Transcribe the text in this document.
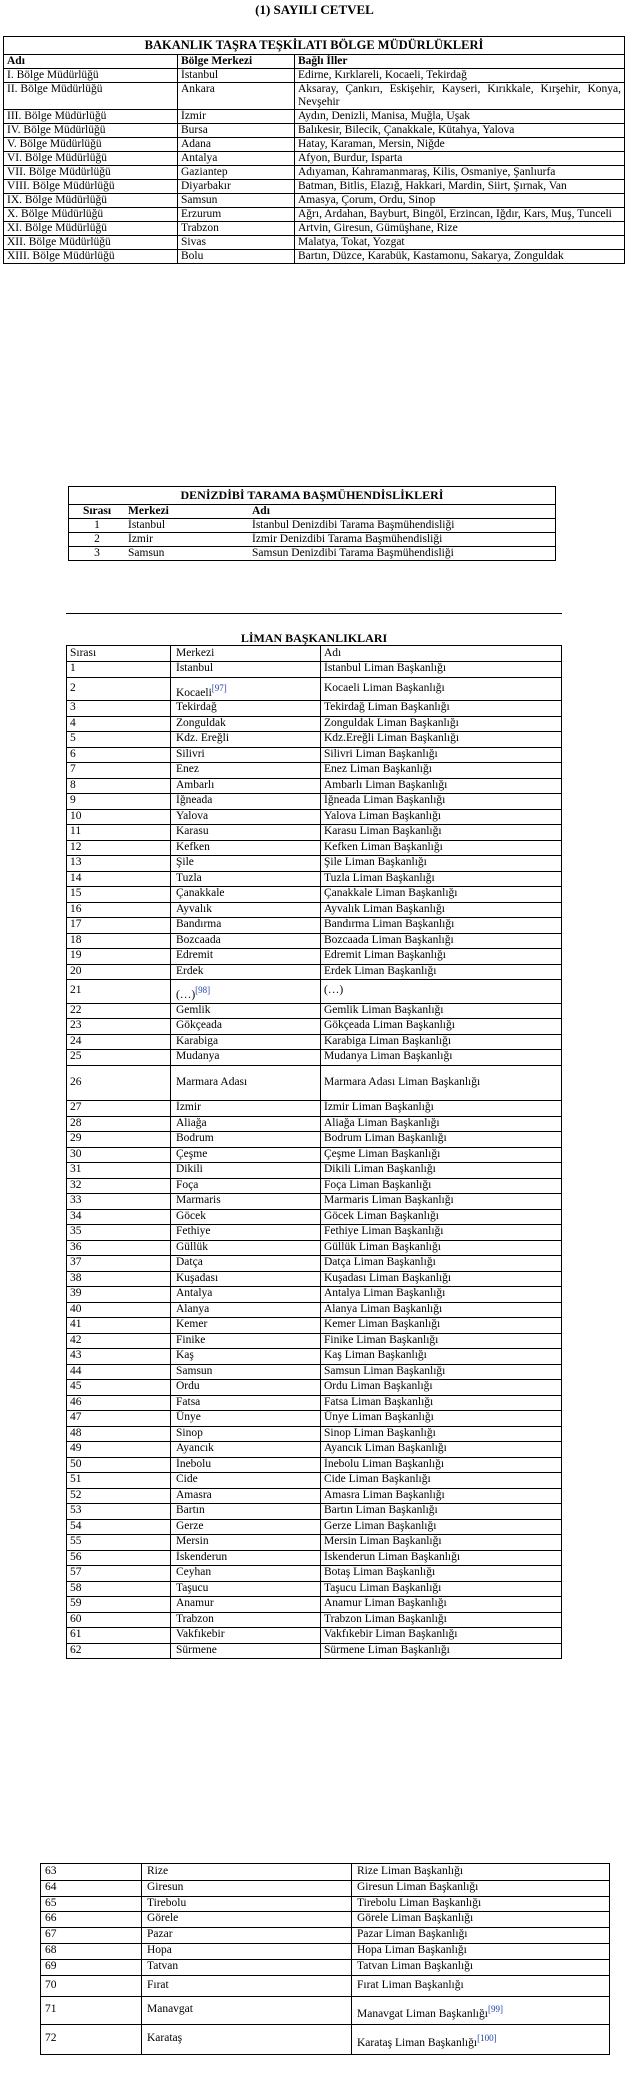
(1) SAYILI CETVEL
BAKANLIK TAŞRA TEŞKİLATI BÖLGE MÜDÜRLÜKLERİ		
Adı	Bölge Merkezi	Bağlı İller
I. Bölge Müdürlüğü	İstanbul	Edirne, Kırklareli, Kocaeli, Tekirdağ
II. Bölge Müdürlüğü	Ankara	Aksaray, Çankırı, Eskişehir, Kayseri, Kırıkkale, Kırşehir, Konya, Nevşehir
III. Bölge Müdürlüğü	İzmir	Aydın, Denizli, Manisa, Muğla, Uşak
IV. Bölge Müdürlüğü	Bursa	Balıkesir, Bilecik, Çanakkale, Kütahya, Yalova
V. Bölge Müdürlüğü	Adana	Hatay, Karaman, Mersin, Niğde
VI. Bölge Müdürlüğü	Antalya	Afyon, Burdur, Isparta
VII. Bölge Müdürlüğü	Gaziantep	Adıyaman, Kahramanmaraş, Kilis, Osmaniye, Şanlıurfa
VIII. Bölge Müdürlüğü	Diyarbakır	Batman, Bitlis, Elazığ, Hakkari, Mardin, Siirt, Şırnak, Van
IX. Bölge Müdürlüğü	Samsun	Amasya, Çorum, Ordu, Sinop
X. Bölge Müdürlüğü	Erzurum	Ağrı, Ardahan, Bayburt, Bingöl, Erzincan, Iğdır, Kars, Muş, Tunceli
XI. Bölge Müdürlüğü	Trabzon	Artvin, Giresun, Gümüşhane, Rize
XII. Bölge Müdürlüğü	Sivas	Malatya, Tokat, Yozgat
XIII. Bölge Müdürlüğü	Bolu	Bartın, Düzce, Karabük, Kastamonu, Sakarya, Zonguldak
DENİZDİBİ TARAMA BAŞMÜHENDİSLİKLERİ		
Sırası	Merkezi	Adı
1	İstanbul	İstanbul Denizdibi Tarama Başmühendisliği
2	İzmir	İzmir Denizdibi Tarama Başmühendisliği
3	Samsun	Samsun Denizdibi Tarama Başmühendisliği
LİMAN BAŞKANLIKLARI
Sırası	Merkezi	Adı
1	İstanbul	İstanbul Liman Başkanlığı
2	Kocaeli[97]	Kocaeli Liman Başkanlığı
3	Tekirdağ	Tekirdağ Liman Başkanlığı
4	Zonguldak	Zonguldak Liman Başkanlığı
5	Kdz. Ereğli	Kdz.Ereğli Liman Başkanlığı
6	Silivri	Silivri Liman Başkanlığı
7	Enez	Enez Liman Başkanlığı
8	Ambarlı	Ambarlı Liman Başkanlığı
9	İğneada	İğneada Liman Başkanlığı
10	Yalova	Yalova Liman Başkanlığı
11	Karasu	Karasu Liman Başkanlığı
12	Kefken	Kefken Liman Başkanlığı
13	Şile	Şile Liman Başkanlığı
14	Tuzla	Tuzla Liman Başkanlığı
15	Çanakkale	Çanakkale Liman Başkanlığı
16	Ayvalık	Ayvalık Liman Başkanlığı
17	Bandırma	Bandırma Liman Başkanlığı
18	Bozcaada	Bozcaada Liman Başkanlığı
19	Edremit	Edremit Liman Başkanlığı
20	Erdek	Erdek Liman Başkanlığı
21	(…)[98]	(…)
22	Gemlik	Gemlik Liman Başkanlığı
23	Gökçeada	Gökçeada Liman Başkanlığı
24	Karabiga	Karabiga Liman Başkanlığı
25	Mudanya	Mudanya Liman Başkanlığı
26	Marmara Adası	Marmara Adası Liman Başkanlığı
27	İzmir	İzmir Liman Başkanlığı
28	Aliağa	Aliağa Liman Başkanlığı
29	Bodrum	Bodrum Liman Başkanlığı
30	Çeşme	Çeşme Liman Başkanlığı
31	Dikili	Dikili Liman Başkanlığı
32	Foça	Foça Liman Başkanlığı
33	Marmaris	Marmaris Liman Başkanlığı
34	Göcek	Göcek Liman Başkanlığı
35	Fethiye	Fethiye Liman Başkanlığı
36	Güllük	Güllük Liman Başkanlığı
37	Datça	Datça Liman Başkanlığı
38	Kuşadası	Kuşadası Liman Başkanlığı
39	Antalya	Antalya Liman Başkanlığı
40	Alanya	Alanya Liman Başkanlığı
41	Kemer	Kemer Liman Başkanlığı
42	Finike	Finike Liman Başkanlığı
43	Kaş	Kaş Liman Başkanlığı
44	Samsun	Samsun Liman Başkanlığı
45	Ordu	Ordu Liman Başkanlığı
46	Fatsa	Fatsa Liman Başkanlığı
47	Ünye	Ünye Liman Başkanlığı
48	Sinop	Sinop Liman Başkanlığı
49	Ayancık	Ayancık Liman Başkanlığı
50	İnebolu	İnebolu Liman Başkanlığı
51	Cide	Cide Liman Başkanlığı
52	Amasra	Amasra Liman Başkanlığı
53	Bartın	Bartın Liman Başkanlığı
54	Gerze	Gerze Liman Başkanlığı
55	Mersin	Mersin Liman Başkanlığı
56	İskenderun	İskenderun Liman Başkanlığı
57	Ceyhan	Botaş Liman Başkanlığı
58	Taşucu	Taşucu Liman Başkanlığı
59	Anamur	Anamur Liman Başkanlığı
60	Trabzon	Trabzon Liman Başkanlığı
61	Vakfıkebir	Vakfıkebir Liman Başkanlığı
62	Sürmene	Sürmene Liman Başkanlığı
63	Rize	Rize Liman Başkanlığı
64	Giresun	Giresun Liman Başkanlığı
65	Tirebolu	Tirebolu Liman Başkanlığı
66	Görele	Görele Liman Başkanlığı
67	Pazar	Pazar Liman Başkanlığı
68	Hopa	Hopa Liman Başkanlığı
69	Tatvan	Tatvan Liman Başkanlığı
70	Fırat	Fırat Liman Başkanlığı
71	Manavgat	Manavgat Liman Başkanlığı[99]
72	Karataş	Karataş Liman Başkanlığı[100]
